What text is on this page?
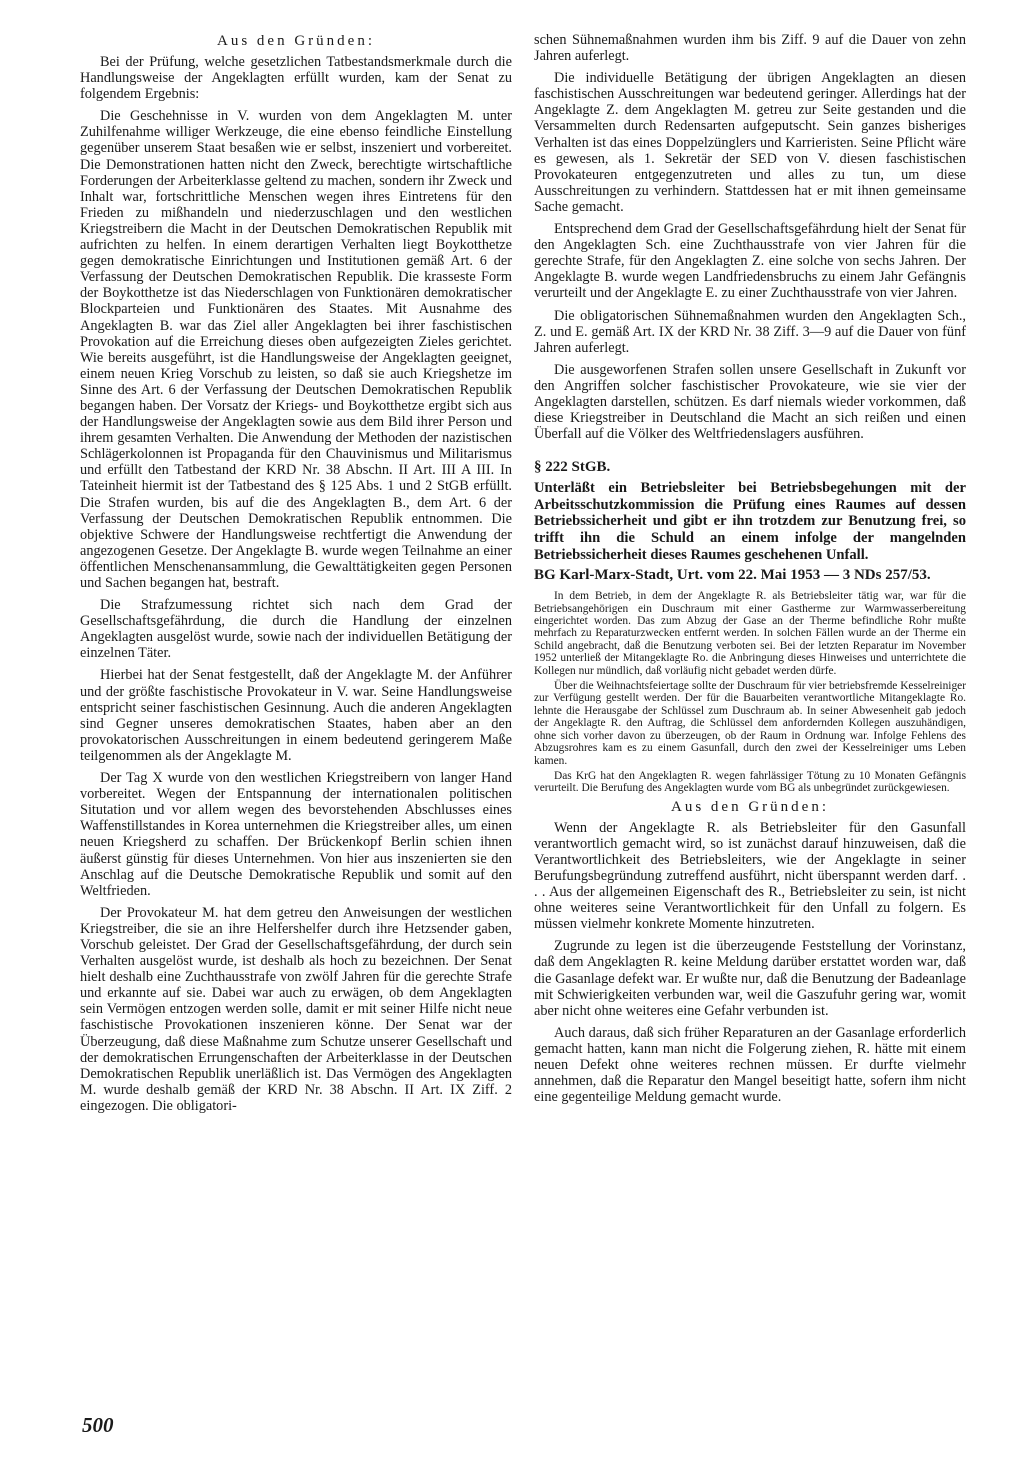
Aus den Gründen:

Bei der Prüfung, welche gesetzlichen Tatbestandsmerkmale durch die Handlungsweise der Angeklagten erfüllt wurden, kam der Senat zu folgendem Ergebnis:

Die Geschehnisse in V. wurden von dem Angeklagten M. unter Zuhilfenahme williger Werkzeuge, die eine ebenso feindliche Einstellung gegenüber unserem Staat besaßen wie er selbst, inszeniert und vorbereitet. Die Demonstrationen hatten nicht den Zweck, berechtigte wirtschaftliche Forderungen der Arbeiterklasse geltend zu machen, sondern ihr Zweck und Inhalt war, fortschrittliche Menschen wegen ihres Eintretens für den Frieden zu mißhandeln und niederzuschlagen und den westlichen Kriegstreibern die Macht in der Deutschen Demokratischen Republik mit aufrichten zu helfen. In einem derartigen Verhalten liegt Boykotthetze gegen demokratische Einrichtungen und Institutionen gemäß Art. 6 der Verfassung der Deutschen Demokratischen Republik. Die krasseste Form der Boykotthetze ist das Niederschlagen von Funktionären demokratischer Blockparteien und Funktionären des Staates. Mit Ausnahme des Angeklagten B. war das Ziel aller Angeklagten bei ihrer faschistischen Provokation auf die Erreichung dieses oben aufgezeigten Zieles gerichtet. Wie bereits ausgeführt, ist die Handlungsweise der Angeklagten geeignet, einem neuen Krieg Vorschub zu leisten, so daß sie auch Kriegshetze im Sinne des Art. 6 der Verfassung der Deutschen Demokratischen Republik begangen haben. Der Vorsatz der Kriegs- und Boykotthetze ergibt sich aus der Handlungsweise der Angeklagten sowie aus dem Bild ihrer Person und ihrem gesamten Verhalten. Die Anwendung der Methoden der nazistischen Schlägerkolonnen ist Propaganda für den Chauvinismus und Militarismus und erfüllt den Tatbestand der KRD Nr. 38 Abschn. II Art. III A III. In Tateinheit hiermit ist der Tatbestand des § 125 Abs. 1 und 2 StGB erfüllt. Die Strafen wurden, bis auf die des Angeklagten B., dem Art. 6 der Verfassung der Deutschen Demokratischen Republik entnommen. Die objektive Schwere der Handlungsweise rechtfertigt die Anwendung der angezogenen Gesetze. Der Angeklagte B. wurde wegen Teilnahme an einer öffentlichen Menschenansammlung, die Gewalttätigkeiten gegen Personen und Sachen begangen hat, bestraft.

Die Strafzumessung richtet sich nach dem Grad der Gesellschaftsgefährdung, die durch die Handlung der einzelnen Angeklagten ausgelöst wurde, sowie nach der individuellen Betätigung der einzelnen Täter.

Hierbei hat der Senat festgestellt, daß der Angeklagte M. der Anführer und der größte faschistische Provokateur in V. war. Seine Handlungsweise entspricht seiner faschistischen Gesinnung. Auch die anderen Angeklagten sind Gegner unseres demokratischen Staates, haben aber an den provokatorischen Ausschreitungen in einem bedeutend geringerem Maße teilgenommen als der Angeklagte M.

Der Tag X wurde von den westlichen Kriegstreibern von langer Hand vorbereitet. Wegen der Entspannung der internationalen politischen Situtation und vor allem wegen des bevorstehenden Abschlusses eines Waffenstillstandes in Korea unternehmen die Kriegstreiber alles, um einen neuen Kriegsherd zu schaffen. Der Brückenkopf Berlin schien ihnen äußerst günstig für dieses Unternehmen. Von hier aus inszenierten sie den Anschlag auf die Deutsche Demokratische Republik und somit auf den Weltfrieden.

Der Provokateur M. hat dem getreu den Anweisungen der westlichen Kriegstreiber, die sie an ihre Helfershelfer durch ihre Hetzsender gaben, Vorschub geleistet. Der Grad der Gesellschaftsgefährdung, der durch sein Verhalten ausgelöst wurde, ist deshalb als hoch zu bezeichnen. Der Senat hielt deshalb eine Zuchthausstrafe von zwölf Jahren für die gerechte Strafe und erkannte auf sie. Dabei war auch zu erwägen, ob dem Angeklagten sein Vermögen entzogen werden solle, damit er mit seiner Hilfe nicht neue faschistische Provokationen inszenieren könne. Der Senat war der Überzeugung, daß diese Maßnahme zum Schutze unserer Gesellschaft und der demokratischen Errungenschaften der Arbeiterklasse in der Deutschen Demokratischen Republik unerläßlich ist. Das Vermögen des Angeklagten M. wurde deshalb gemäß der KRD Nr. 38 Abschn. II Art. IX Ziff. 2 eingezogen. Die obligatori-

schen Sühnemaßnahmen wurden ihm bis Ziff. 9 auf die Dauer von zehn Jahren auferlegt.

Die individuelle Betätigung der übrigen Angeklagten an diesen faschistischen Ausschreitungen war bedeutend geringer. Allerdings hat der Angeklagte Z. dem Angeklagten M. getreu zur Seite gestanden und die Versammelten durch Redensarten aufgeputscht. Sein ganzes bisheriges Verhalten ist das eines Doppelzünglers und Karrieristen. Seine Pflicht wäre es gewesen, als 1. Sekretär der SED von V. diesen faschistischen Provokateuren entgegenzutreten und alles zu tun, um diese Ausschreitungen zu verhindern. Stattdessen hat er mit ihnen gemeinsame Sache gemacht.

Entsprechend dem Grad der Gesellschaftsgefährdung hielt der Senat für den Angeklagten Sch. eine Zuchthausstrafe von vier Jahren für die gerechte Strafe, für den Angeklagten Z. eine solche von sechs Jahren. Der Angeklagte B. wurde wegen Landfriedensbruchs zu einem Jahr Gefängnis verurteilt und der Angeklagte E. zu einer Zuchthausstrafe von vier Jahren.

Die obligatorischen Sühnemaßnahmen wurden den Angeklagten Sch., Z. und E. gemäß Art. IX der KRD Nr. 38 Ziff. 3—9 auf die Dauer von fünf Jahren auferlegt.

Die ausgeworfenen Strafen sollen unsere Gesellschaft in Zukunft vor den Angriffen solcher faschistischer Provokateure, wie sie vier der Angeklagten darstellen, schützen. Es darf niemals wieder vorkommen, daß diese Kriegstreiber in Deutschland die Macht an sich reißen und einen Überfall auf die Völker des Weltfriedenslagers ausführen.

§ 222 StGB.
Unterläßt ein Betriebsleiter bei Betriebsbegehungen mit der Arbeitsschutzkommission die Prüfung eines Raumes auf dessen Betriebssicherheit und gibt er ihn trotzdem zur Benutzung frei, so trifft ihn die Schuld an einem infolge der mangelnden Betriebssicherheit dieses Raumes geschehenen Unfall.
BG Karl-Marx-Stadt, Urt. vom 22. Mai 1953 — 3 NDs 257/53.

In dem Betrieb, in dem der Angeklagte R. als Betriebsleiter tätig war, war für die Betriebsangehörigen ein Duschraum mit einer Gastherme zur Warmwasserbereitung eingerichtet worden. Das zum Abzug der Gase an der Therme befindliche Rohr mußte mehrfach zu Reparaturzwecken entfernt werden. In solchen Fällen wurde an der Therme ein Schild angebracht, daß die Benutzung verboten sei. Bei der letzten Reparatur im November 1952 unterließ der Mitangeklagte Ro. die Anbringung dieses Hinweises und unterrichtete die Kollegen nur mündlich, daß vorläufig nicht gebadet werden dürfe.

Über die Weihnachtsfeiertage sollte der Duschraum für vier betriebsfremde Kesselreiniger zur Verfügung gestellt werden. Der für die Bauarbeiten verantwortliche Mitangeklagte Ro. lehnte die Herausgabe der Schlüssel zum Duschraum ab. In seiner Abwesenheit gab jedoch der Angeklagte R. den Auftrag, die Schlüssel dem anfordernden Kollegen auszuhändigen, ohne sich vorher davon zu überzeugen, ob der Raum in Ordnung war. Infolge Fehlens des Abzugsrohres kam es zu einem Gasunfall, durch den zwei der Kesselreiniger ums Leben kamen.

Das KrG hat den Angeklagten R. wegen fahrlässiger Tötung zu 10 Monaten Gefängnis verurteilt. Die Berufung des Angeklagten wurde vom BG als unbegründet zurückgewiesen.

Aus den Gründen:

Wenn der Angeklagte R. als Betriebsleiter für den Gasunfall verantwortlich gemacht wird, so ist zunächst darauf hinzuweisen, daß die Verantwortlichkeit des Betriebsleiters, wie der Angeklagte in seiner Berufungsbegründung zutreffend ausführt, nicht überspannt werden darf. . . . Aus der allgemeinen Eigenschaft des R., Betriebsleiter zu sein, ist nicht ohne weiteres seine Verantwortlichkeit für den Unfall zu folgern. Es müssen vielmehr konkrete Momente hinzutreten.

Zugrunde zu legen ist die überzeugende Feststellung der Vorinstanz, daß dem Angeklagten R. keine Meldung darüber erstattet worden war, daß die Gasanlage defekt war. Er wußte nur, daß die Benutzung der Badeanlage mit Schwierigkeiten verbunden war, weil die Gaszufuhr gering war, womit aber nicht ohne weiteres eine Gefahr verbunden ist.

Auch daraus, daß sich früher Reparaturen an der Gasanlage erforderlich gemacht hatten, kann man nicht die Folgerung ziehen, R. hätte mit einem neuen Defekt ohne weiteres rechnen müssen. Er durfte vielmehr annehmen, daß die Reparatur den Mangel beseitigt hatte, sofern ihm nicht eine gegenteilige Meldung gemacht wurde.

500
